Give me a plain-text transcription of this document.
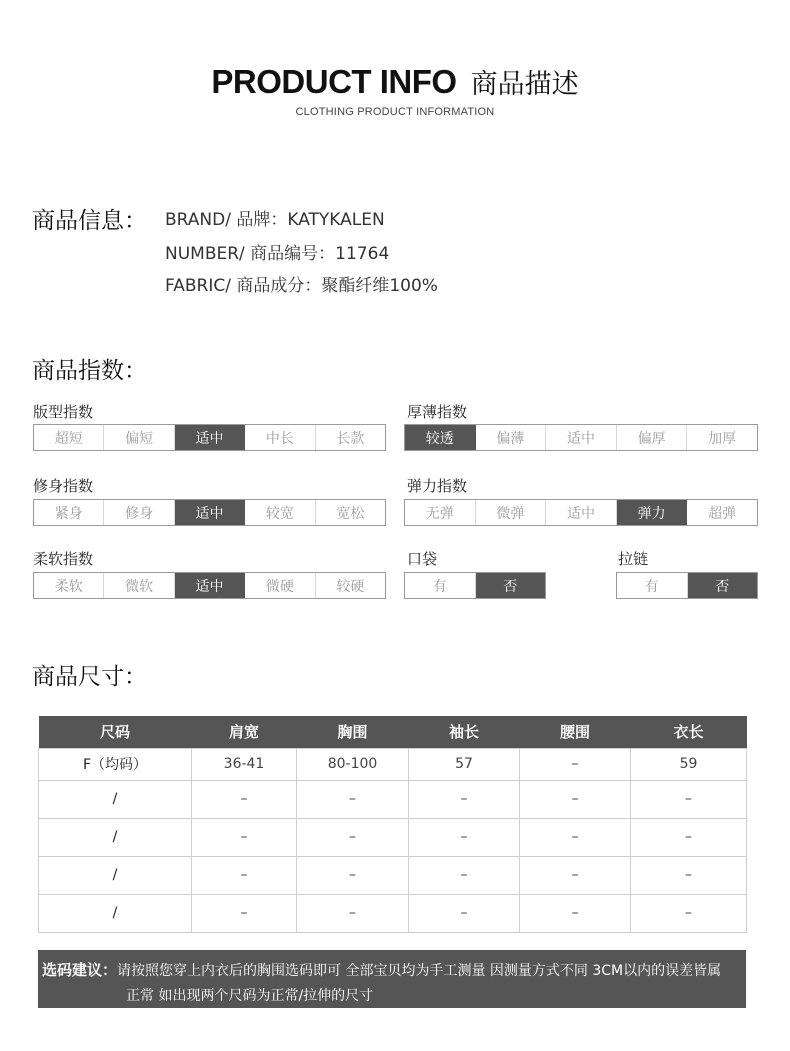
PRODUCT INFO 商品描述
CLOTHING PRODUCT INFORMATION
商品信息： BRAND/ 品牌：KATYKALEN
NUMBER/ 商品编号：11764
FABRIC/ 商品成分：聚酯纤维100%
商品指数：
版型指数
超短	偏短	适中	中长	长款
厚薄指数
较透	偏薄	适中	偏厚	加厚
修身指数
紧身	修身	适中	较宽	宽松
弹力指数
无弹	微弹	适中	弹力	超弹
柔软指数
柔软	微软	适中	微硬	较硬
口袋
有	否
拉链
有	否
商品尺寸：
尺码	肩宽	胸围	袖长	腰围	衣长
F（均码）	36-41	80-100	57	–	59
/	–	–	–	–	–
/	–	–	–	–	–
/	–	–	–	–	–
/	–	–	–	–	–
选码建议：请按照您穿上内衣后的胸围选码即可 全部宝贝均为手工测量 因测量方式不同 3CM以内的误差皆属
正常 如出现两个尺码为正常/拉伸的尺寸
